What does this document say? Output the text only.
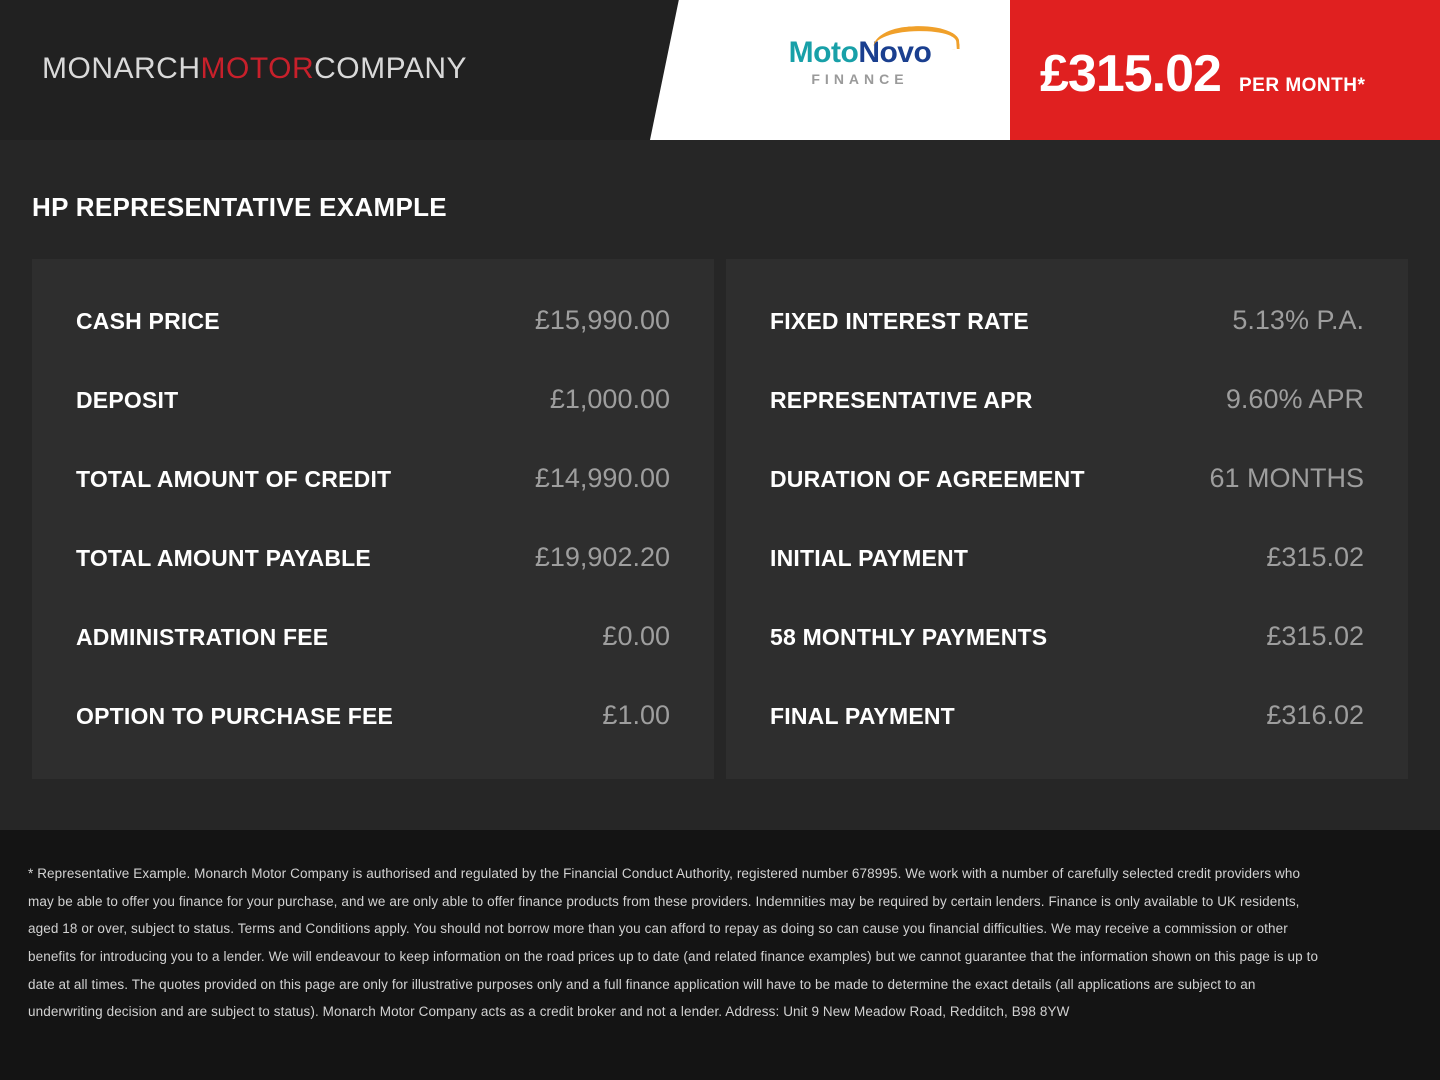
MONARCHMOTORCOMPANY	MotoNovo
FINANCE	£315.02 PER MONTH*
HP REPRESENTATIVE EXAMPLE
CASH PRICE	£15,990.00
DEPOSIT	£1,000.00
TOTAL AMOUNT OF CREDIT	£14,990.00
TOTAL AMOUNT PAYABLE	£19,902.20
ADMINISTRATION FEE	£0.00
OPTION TO PURCHASE FEE	£1.00
FIXED INTEREST RATE	5.13% P.A.
REPRESENTATIVE APR	9.60% APR
DURATION OF AGREEMENT	61 MONTHS
INITIAL PAYMENT	£315.02
58 MONTHLY PAYMENTS	£315.02
FINAL PAYMENT	£316.02

* Representative Example. Monarch Motor Company is authorised and regulated by the Financial Conduct Authority, registered number 678995. We work with a number of carefully selected credit providers who may be able to offer you finance for your purchase, and we are only able to offer finance products from these providers. Indemnities may be required by certain lenders. Finance is only available to UK residents, aged 18 or over, subject to status. Terms and Conditions apply. You should not borrow more than you can afford to repay as doing so can cause you financial difficulties. We may receive a commission or other benefits for introducing you to a lender. We will endeavour to keep information on the road prices up to date (and related finance examples) but we cannot guarantee that the information shown on this page is up to date at all times. The quotes provided on this page are only for illustrative purposes only and a full finance application will have to be made to determine the exact details (all applications are subject to an underwriting decision and are subject to status). Monarch Motor Company acts as a credit broker and not a lender. Address: Unit 9 New Meadow Road, Redditch, B98 8YW
